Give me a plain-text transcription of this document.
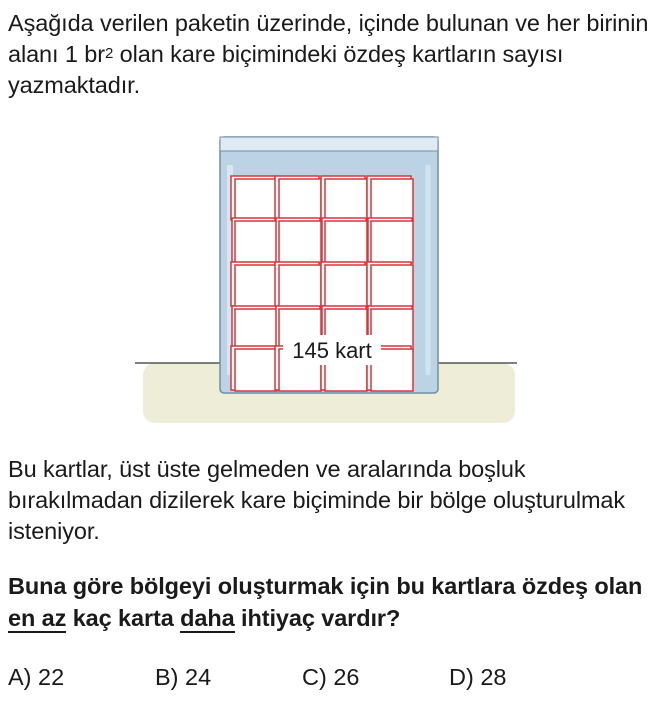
Aşağıda verilen paketin üzerinde, içinde bulunan ve her birinin alanı 1 $br^2$ olan kare biçimindeki özdeş kartların sayısı yazmaktadır.
145 kart
Bu kartlar, üst üste gelmeden ve aralarında boşluk bırakılmadan dizilerek kare biçiminde bir bölge oluşturulmak isteniyor.
Buna göre bölgeyi oluşturmak için bu kartlara özdeş olan en az kaç karta daha ihtiyaç vardır?
A) 22	B) 24	C) 26	D) 28
